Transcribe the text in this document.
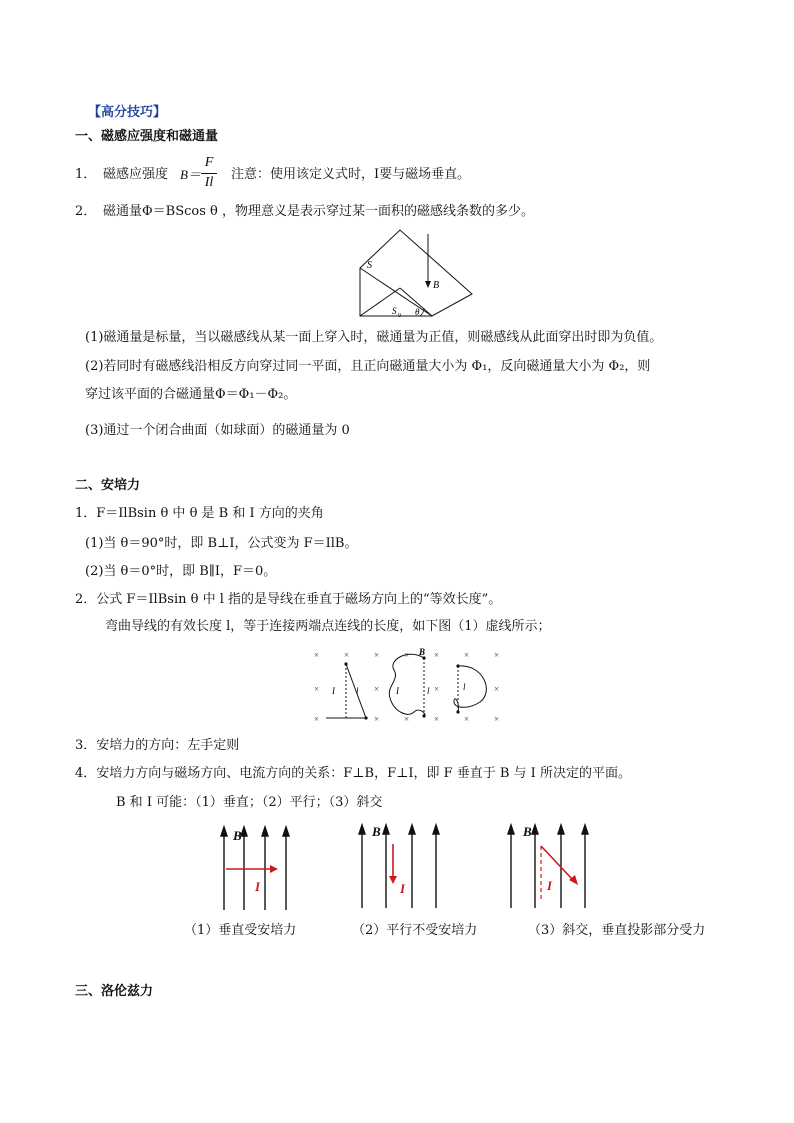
【高分技巧】
一、磁感应强度和磁通量
1． 磁感应强度 B＝
F
Il
注意：使用该定义式时，I要与磁场垂直。
2． 磁通量Φ＝BScos θ ，物理意义是表示穿过某一面积的磁感线条数的多少。
S
B
S 0 θ
(1)磁通量是标量，当以磁感线从某一面上穿入时，磁通量为正值，则磁感线从此面穿出时即为负值。
(2)若同时有磁感线沿相反方向穿过同一平面，且正向磁通量大小为 Φ₁，反向磁通量大小为 Φ₂，则
穿过该平面的合磁通量Φ＝Φ₁－Φ₂。
(3)通过一个闭合曲面（如球面）的磁通量为 0
二、安培力
1．F＝IlBsin θ 中 θ 是 B 和 I 方向的夹角
(1)当 θ＝90°时，即 B⊥I，公式变为 F＝IlB。
(2)当 θ＝0°时，即 B∥I，F＝0。
2．公式 F＝IlBsin θ 中 l 指的是导线在垂直于磁场方向上的“等效长度”。
弯曲导线的有效长度 l，等于连接两端点连线的长度，如下图（1）虚线所示；
×	×	×	×	×	×	×
×	×	×	×
×	×	×	×	×	×
I l
B
I	l	l
3．安培力的方向：左手定则
4．安培力方向与磁场方向、电流方向的关系：F⊥B，F⊥I，即 F 垂直于 B 与 I 所决定的平面。
B 和 I 可能：（1）垂直；（2）平行；（3）斜交
B
I
B
I
B
I
（1）垂直受安培力	（2）平行不受安培力	（3）斜交，垂直投影部分受力
三、洛伦兹力
